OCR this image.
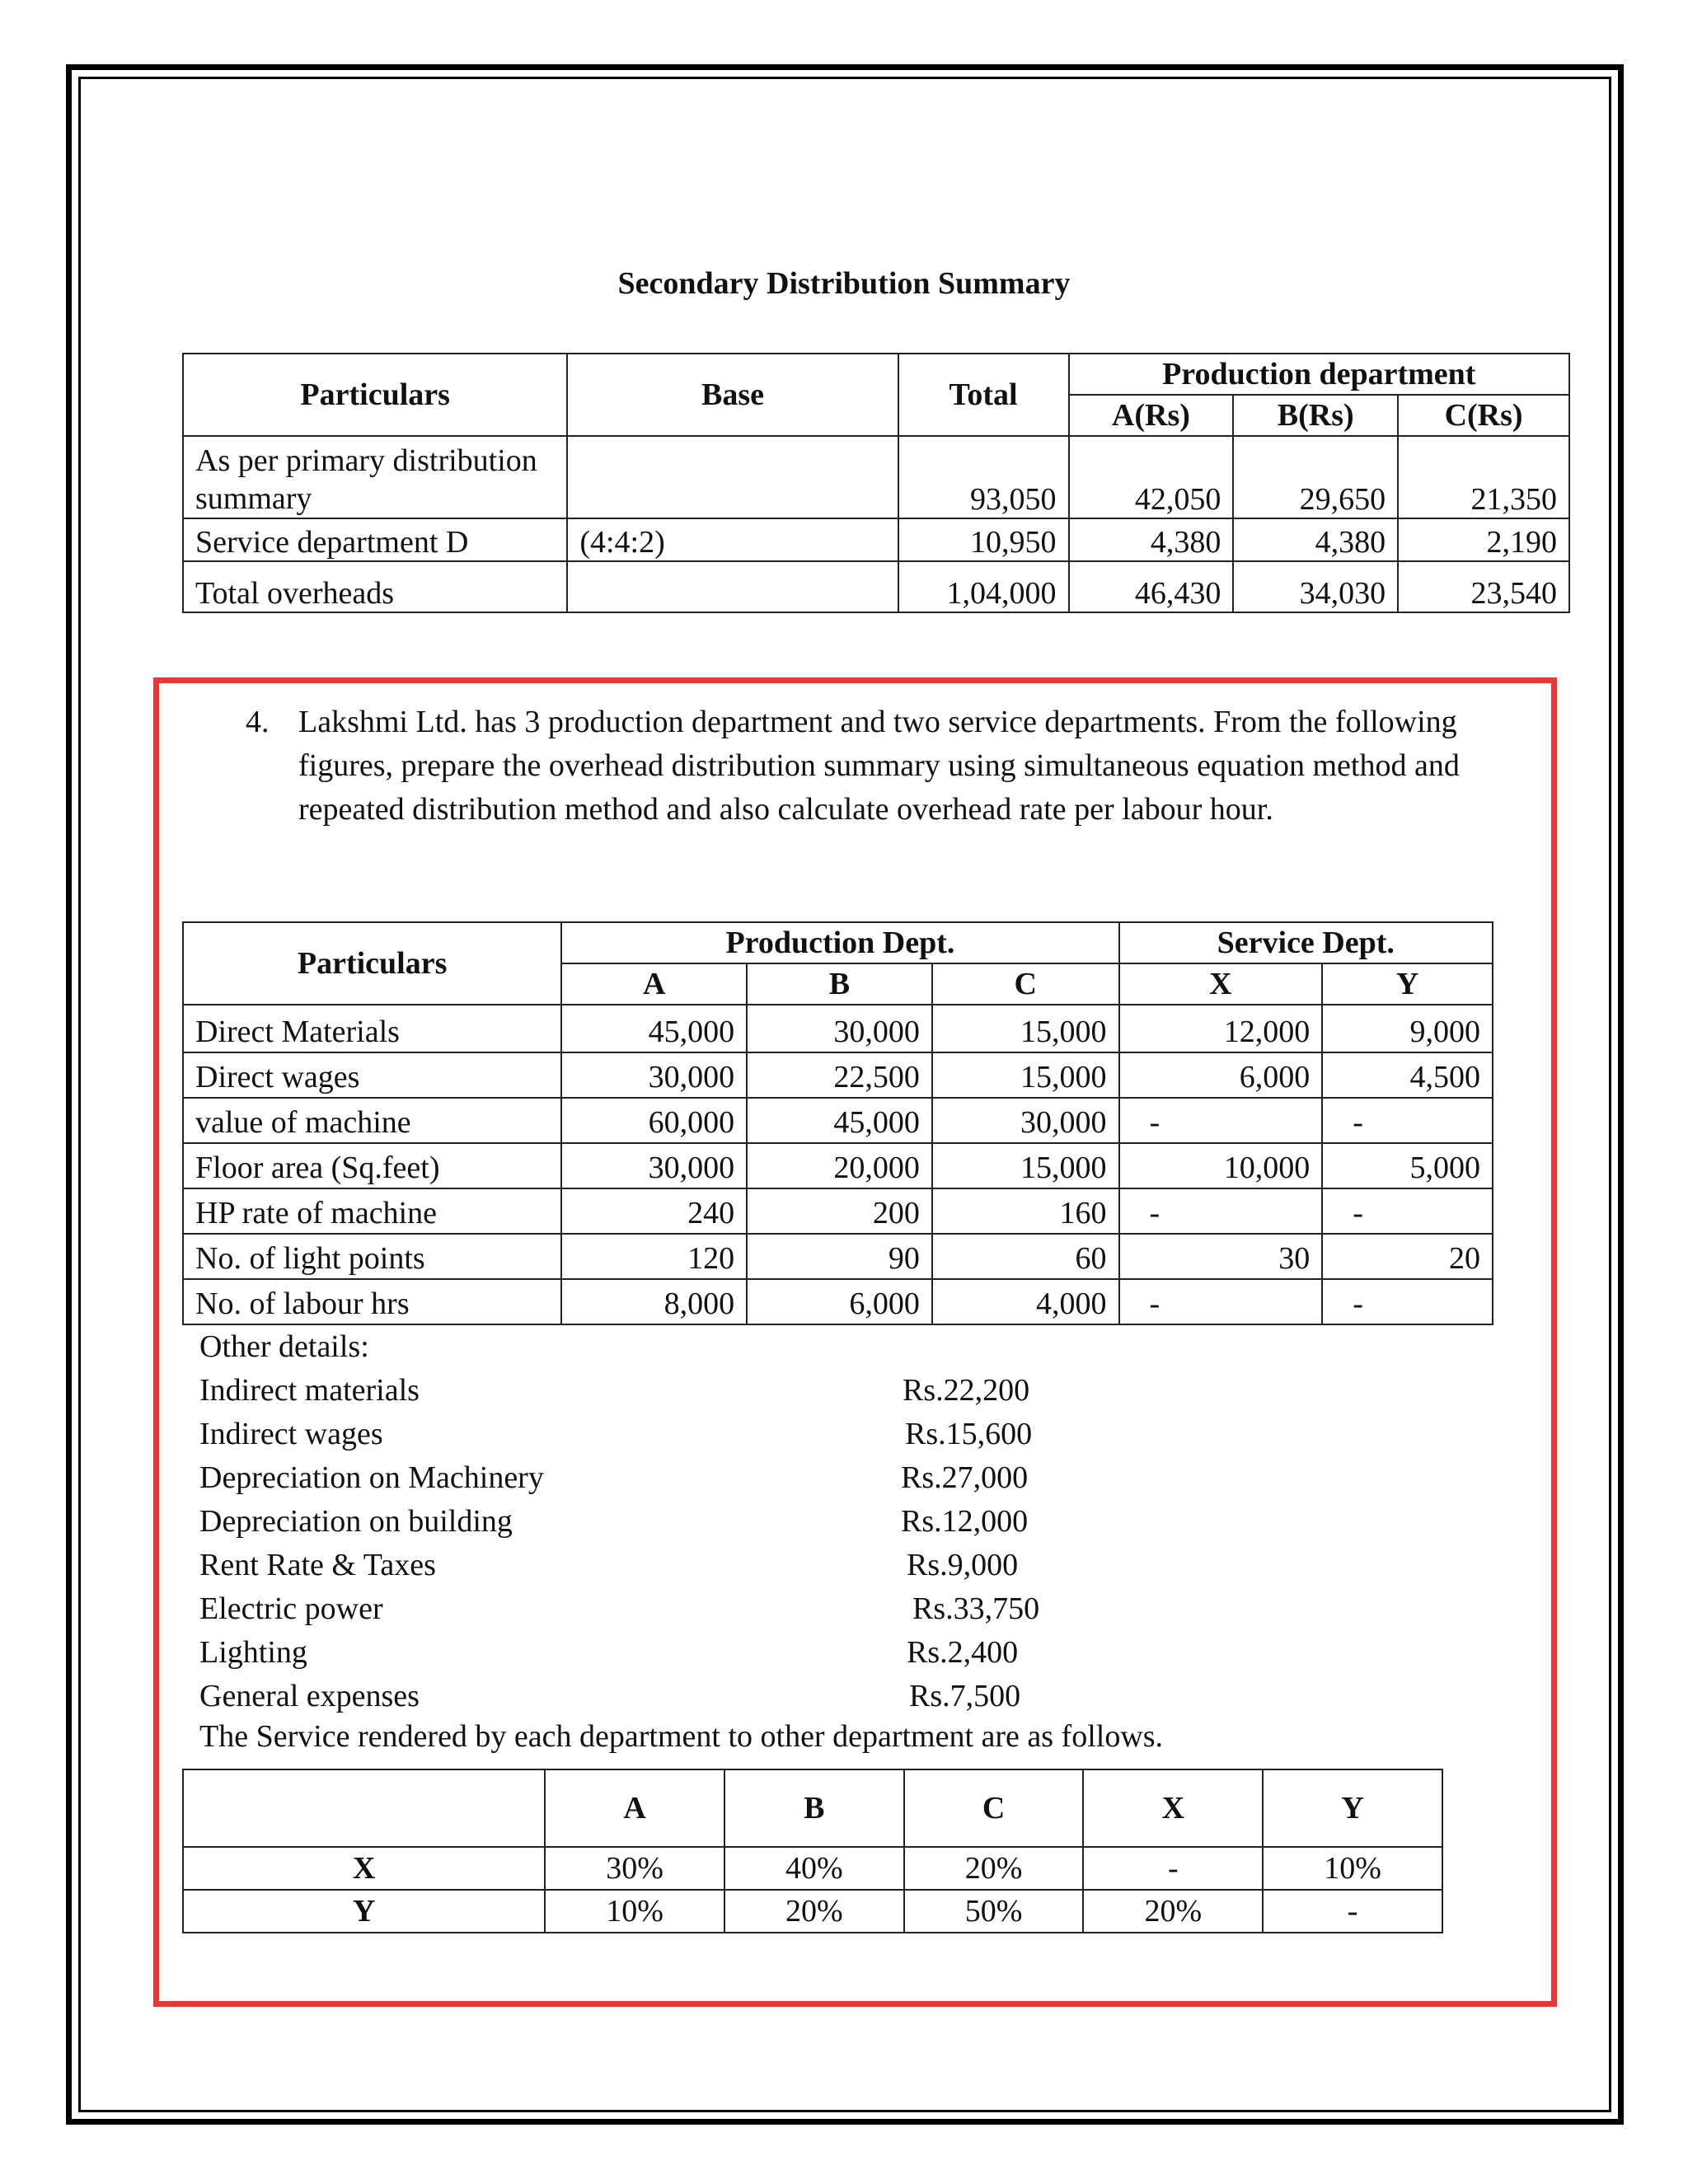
Secondary Distribution Summary
Particulars	Base	Total	Production department		
			A(Rs)	B(Rs)	C(Rs)
As per primary distribution summary		93,050	42,050	29,650	21,350
Service department D	(4:4:2)	10,950	4,380	4,380	2,190
Total overheads		1,04,000	46,430	34,030	23,540
4. Lakshmi Ltd. has 3 production department and two service departments. From the following figures, prepare the overhead distribution summary using simultaneous equation method and repeated distribution method and also calculate overhead rate per labour hour.
Particulars	Production Dept.			Service Dept.	
	A	B	C	X	Y
Direct Materials	45,000	30,000	15,000	12,000	9,000
Direct wages	30,000	22,500	15,000	6,000	4,500
value of machine	60,000	45,000	30,000	-	-
Floor area (Sq.feet)	30,000	20,000	15,000	10,000	5,000
HP rate of machine	240	200	160	-	-
No. of light points	120	90	60	30	20
No. of labour hrs	8,000	6,000	4,000	-	-
Other details:
Indirect materials	Rs.22,200
Indirect wages	Rs.15,600
Depreciation on Machinery	Rs.27,000
Depreciation on building	Rs.12,000
Rent Rate & Taxes	Rs.9,000
Electric power	Rs.33,750
Lighting	Rs.2,400
General expenses	Rs.7,500
The Service rendered by each department to other department are as follows.
	A	B	C	X	Y
X	30%	40%	20%	-	10%
Y	10%	20%	50%	20%	-
